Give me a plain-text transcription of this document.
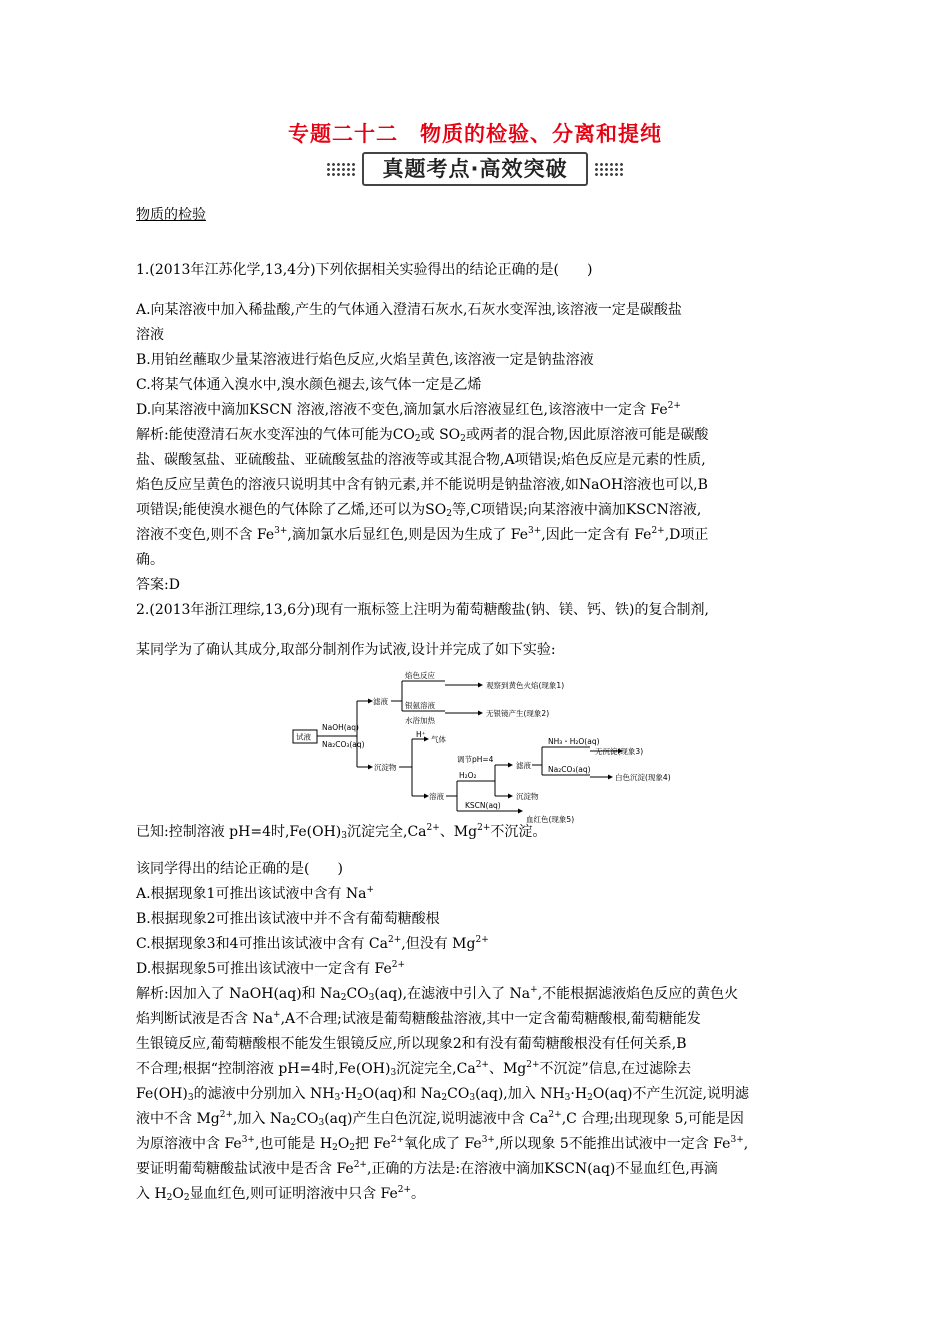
专题二十二　物质的检验、分离和提纯
真题考点·高效突破
物质的检验

1.(2013年江苏化学,13,4分)下列依据相关实验得出的结论正确的是(　　)

A.向某溶液中加入稀盐酸,产生的气体通入澄清石灰水,石灰水变浑浊,该溶液一定是碳酸盐

溶液

B.用铂丝蘸取少量某溶液进行焰色反应,火焰呈黄色,该溶液一定是钠盐溶液

C.将某气体通入溴水中,溴水颜色褪去,该气体一定是乙烯

D.向某溶液中滴加KSCN 溶液,溶液不变色,滴加氯水后溶液显红色,该溶液中一定含 $Fe^{2+}$

解析:能使澄清石灰水变浑浊的气体可能为$CO_2$或 $SO_2$或两者的混合物,因此原溶液可能是碳酸

盐、碳酸氢盐、亚硫酸盐、亚硫酸氢盐的溶液等或其混合物,A项错误;焰色反应是元素的性质,

焰色反应呈黄色的溶液只说明其中含有钠元素,并不能说明是钠盐溶液,如NaOH溶液也可以,B

项错误;能使溴水褪色的气体除了乙烯,还可以为$SO_2$等,C项错误;向某溶液中滴加KSCN溶液,

溶液不变色,则不含 $Fe^{3+}$,滴加氯水后显红色,则是因为生成了 $Fe^{3+}$,因此一定含有 $Fe^{2+},D$项正

确。

答案:D

2.(2013年浙江理综,13,6分)现有一瓶标签上注明为葡萄糖酸盐(钠、镁、钙、铁)的复合制剂,

某同学为了确认其成分,取部分制剂作为试液,设计并完成了如下实验:

试液
NaOH(aq)
Na₂CO₃(aq)
滤液
焰色反应
观察到黄色火焰(现象1)
银氨溶液
水浴加热
无银镜产生(现象2)
沉淀物
H⁺
气体
溶液
H₂O₂
调节pH=4
滤液
NH₃・H₂O(aq)
无沉淀(现象3)
Na₂CO₃(aq)
白色沉淀(现象4)
沉淀物
KSCN(aq)
血红色(现象5)

已知:控制溶液 pH=4时$,Fe(OH)_3$沉淀完全$,Ca^{2+}$、$Mg^{2+}$不沉淀。

该同学得出的结论正确的是(　　)

A.根据现象1可推出该试液中含有 Na+

B.根据现象2可推出该试液中并不含有葡萄糖酸根

C.根据现象3和4可推出该试液中含有 $Ca^{2+}$,但没有 $Mg^{2+}$

D.根据现象5可推出该试液中一定含有 $Fe^{2+}$

解析:因加入了 NaOH(aq)和 $Na_2CO_3(aq)$,在滤液中引入了 Na+,不能根据滤液焰色反应的黄色火

焰判断试液是否含 Na+,A不合理;试液是葡萄糖酸盐溶液,其中一定含葡萄糖酸根,葡萄糖能发

生银镜反应,葡萄糖酸根不能发生银镜反应,所以现象2和有没有葡萄糖酸根没有任何关系,B

不合理;根据“控制溶液 pH=4时$,Fe(OH)_3$沉淀完全$,Ca^{2+}$、$Mg^{2+}$不沉淀”信息,在过滤除去

$Fe(OH)_3$的滤液中分别加入 $NH_3\cdot H_2O(aq)$和 $Na_2CO_3(aq)$,加入 $NH_3\cdot H_2O(aq)$不产生沉淀,说明滤

液中不含 $Mg^{2+}$,加入 $Na_2CO_3(aq)$产生白色沉淀,说明滤液中含 $Ca^{2+},C$ 合理;出现现象 5,可能是因

为原溶液中含 $Fe^{3+}$,也可能是 $H_2O_2$把 $Fe^{2+}$氧化成了 $Fe^{3+}$,所以现象 5不能推出试液中一定含 $Fe^{3+}$,

要证明葡萄糖酸盐试液中是否含 $Fe^{2+}$,正确的方法是:在溶液中滴加KSCN(aq)不显血红色,再滴

入 $H_2O_2$显血红色,则可证明溶液中只含 $Fe^{2+}$。
